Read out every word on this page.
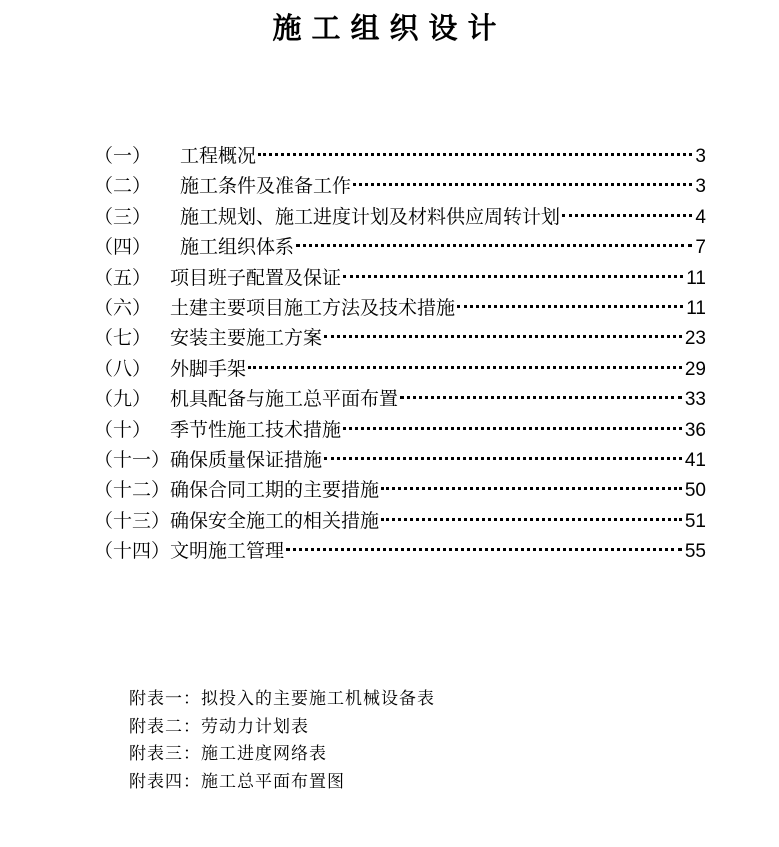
施工组织设计
（一）	工程概况	3
（二）	施工条件及准备工作	3
（三）	施工规划、施工进度计划及材料供应周转计划	4
（四）	施工组织体系	7
（五） 项目班子配置及保证	11
（六） 土建主要项目施工方法及技术措施	11
（七） 安装主要施工方案	23
（八） 外脚手架	29
（九） 机具配备与施工总平面布置	33
（十） 季节性施工技术措施	36
（十一） 确保质量保证措施	41
（十二） 确保合同工期的主要措施	50
（十三） 确保安全施工的相关措施	51
（十四） 文明施工管理	55
附表一：拟投入的主要施工机械设备表
附表二：劳动力计划表
附表三：施工进度网络表
附表四：施工总平面布置图
